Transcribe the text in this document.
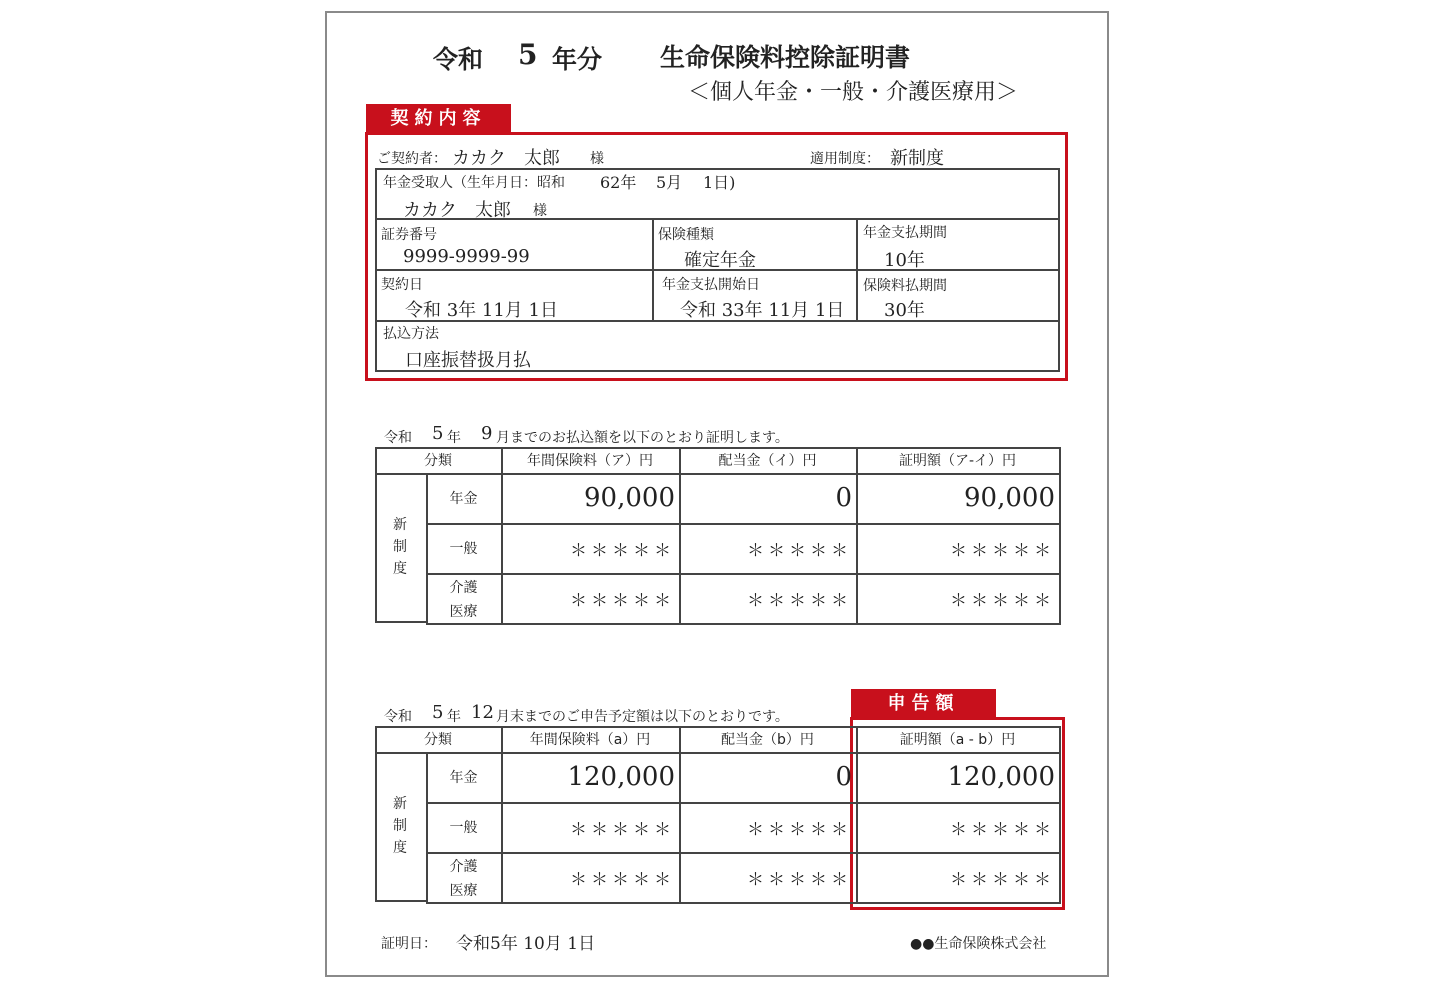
令和 5 年分 生命保険料控除証明書
＜個人年金・一般・介護医療用＞
契約内容
ご契約者： カカク　太郎 様	適用制度： 新制度
年金受取人（生年月日：昭和 62年 5月 1日)
カカク　太郎 様
証券番号
9999-9999-99
保険種類
確定年金
年金支払期間
10年
契約日
令和 3年 11月 1日
年金支払開始日
令和 33年 11月 1日
保険料払期間
30年
払込方法
口座振替扱月払
令和 5 年 9 月までのお払込額を以下のとおり証明します。
分類	年間保険料（ア）円	配当金（イ）円	証明額（ア-イ）円
新
制
度
年金	90,000	0	90,000
一般	＊＊＊＊＊	＊＊＊＊＊	＊＊＊＊＊
介護
医療
＊＊＊＊＊	＊＊＊＊＊	＊＊＊＊＊
申告額
令和 5 年 12 月末までのご申告予定額は以下のとおりです。
分類	年間保険料（a）円	配当金（b）円	証明額（a - b）円
新
制
度
年金	120,000	0	120,000
一般	＊＊＊＊＊	＊＊＊＊＊	＊＊＊＊＊
介護
医療
＊＊＊＊＊	＊＊＊＊＊	＊＊＊＊＊
証明日： 令和5年 10月 1日	●●生命保険株式会社
